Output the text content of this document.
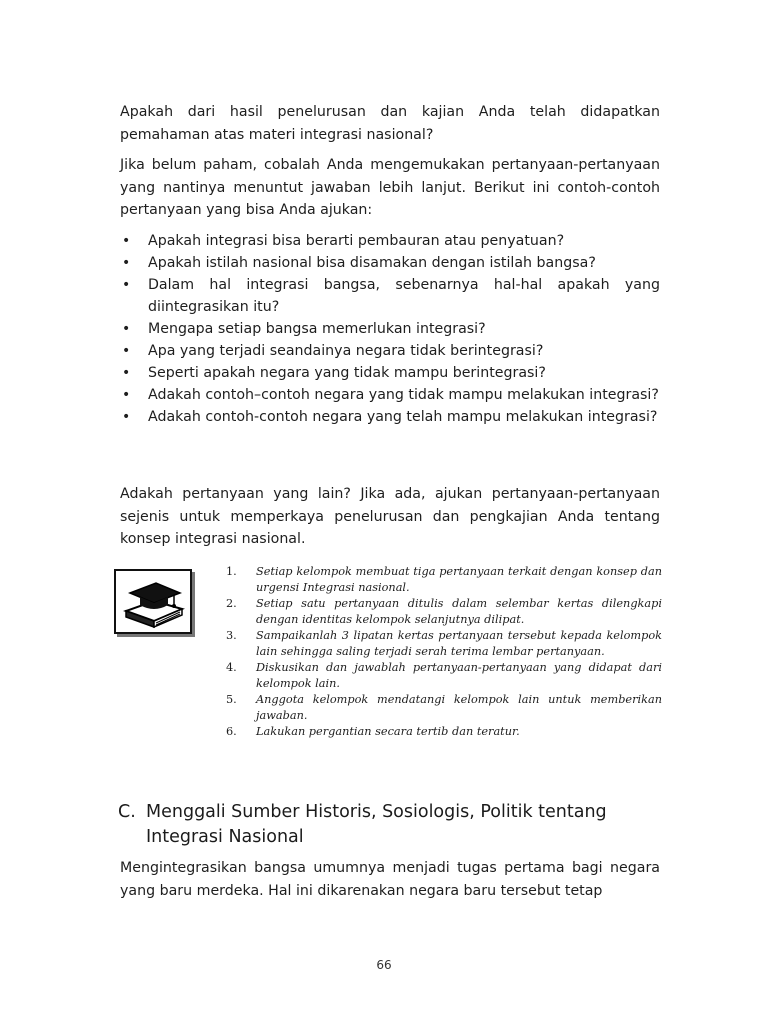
Apakah dari hasil penelurusan dan kajian Anda telah didapatkan pemahaman atas materi integrasi nasional?

Jika belum paham, cobalah Anda mengemukakan pertanyaan-pertanyaan yang nantinya menuntut jawaban lebih lanjut. Berikut ini contoh-contoh pertanyaan yang bisa Anda ajukan:

• Apakah integrasi bisa berarti pembauran atau penyatuan?
• Apakah istilah nasional bisa disamakan dengan istilah bangsa?
• Dalam hal integrasi bangsa, sebenarnya hal-hal apakah yang diintegrasikan itu?
• Mengapa setiap bangsa memerlukan integrasi?
• Apa yang terjadi seandainya negara tidak berintegrasi?
• Seperti apakah negara yang tidak mampu berintegrasi?
• Adakah contoh–contoh negara yang tidak mampu melakukan integrasi?
• Adakah contoh-contoh negara yang telah mampu melakukan integrasi?

Adakah pertanyaan yang lain? Jika ada, ajukan pertanyaan-pertanyaan sejenis untuk memperkaya penelurusan dan pengkajian Anda tentang konsep integrasi nasional.

1. Setiap kelompok membuat tiga pertanyaan terkait dengan konsep dan urgensi Integrasi nasional.
2. Setiap satu pertanyaan ditulis dalam selembar kertas dilengkapi dengan identitas kelompok selanjutnya dilipat.
3. Sampaikanlah 3 lipatan kertas pertanyaan tersebut kepada kelompok lain sehingga saling terjadi serah terima lembar pertanyaan.
4. Diskusikan dan jawablah pertanyaan-pertanyaan yang didapat dari kelompok lain.
5. Anggota kelompok mendatangi kelompok lain untuk memberikan jawaban.
6. Lakukan pergantian secara tertib dan teratur.
C. Menggali Sumber Historis, Sosiologis, Politik tentang
Integrasi Nasional

Mengintegrasikan bangsa umumnya menjadi tugas pertama bagi negara yang baru merdeka. Hal ini dikarenakan negara baru tersebut tetap

66
